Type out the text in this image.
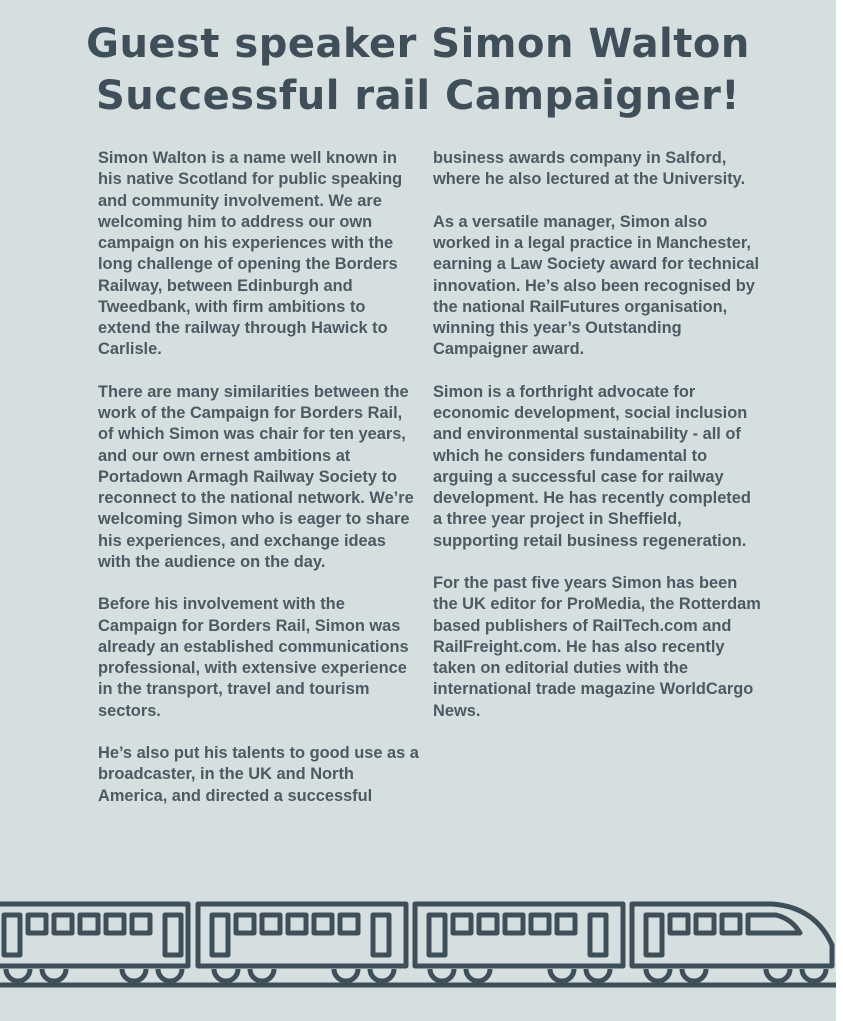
Guest speaker Simon Walton
Successful rail Campaigner!

Simon Walton is a name well known in his native Scotland for public speaking and community involvement. We are welcoming him to address our own campaign on his experiences with the long challenge of opening the Borders Railway, between Edinburgh and Tweedbank, with firm ambitions to extend the railway through Hawick to Carlisle.

There are many similarities between the work of the Campaign for Borders Rail, of which Simon was chair for ten years, and our own ernest ambitions at Portadown Armagh Railway Society to reconnect to the national network. We’re welcoming Simon who is eager to share his experiences, and exchange ideas with the audience on the day.

Before his involvement with the Campaign for Borders Rail, Simon was already an established communications professional, with extensive experience in the transport, travel and tourism sectors.

He’s also put his talents to good use as a broadcaster, in the UK and North America, and directed a successful

business awards company in Salford, where he also lectured at the University.

As a versatile manager, Simon also worked in a legal practice in Manchester, earning a Law Society award for technical innovation. He’s also been recognised by the national RailFutures organisation, winning this year’s Outstanding Campaigner award.

Simon is a forthright advocate for economic development, social inclusion and environmental sustainability - all of which he considers fundamental to arguing a successful case for railway development. He has recently completed a three year project in Sheffield, supporting retail business regeneration.

For the past five years Simon has been the UK editor for ProMedia, the Rotterdam based publishers of RailTech.com and RailFreight.com. He has also recently taken on editorial duties with the international trade magazine WorldCargo News.
